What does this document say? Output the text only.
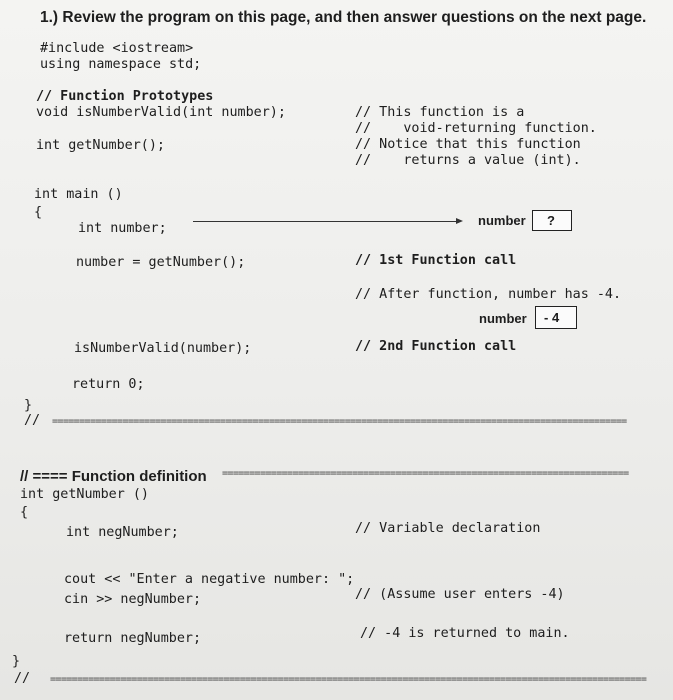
1.) Review the program on this page, and then answer questions on the next page.
#include <iostream>
using namespace std;
// Function Prototypes
void isNumberValid(int number);
int getNumber();
// This function is a
//    void-returning function.
// Notice that this function
//    returns a value (int).
int main ()
{
int number;
number ?
number = getNumber();	// 1st Function call
// After function, number has -4.
number - 4
isNumberValid(number);	// 2nd Function call
return 0;
}
// ==========================================================================================================
// ==== Function definition ===========================================================================
int getNumber ()
{
int negNumber;	// Variable declaration
cout << "Enter a negative number: ";
cin >> negNumber;	// (Assume user enters -4)
return negNumber;	// -4 is returned to main.
}
// ==============================================================================================================
